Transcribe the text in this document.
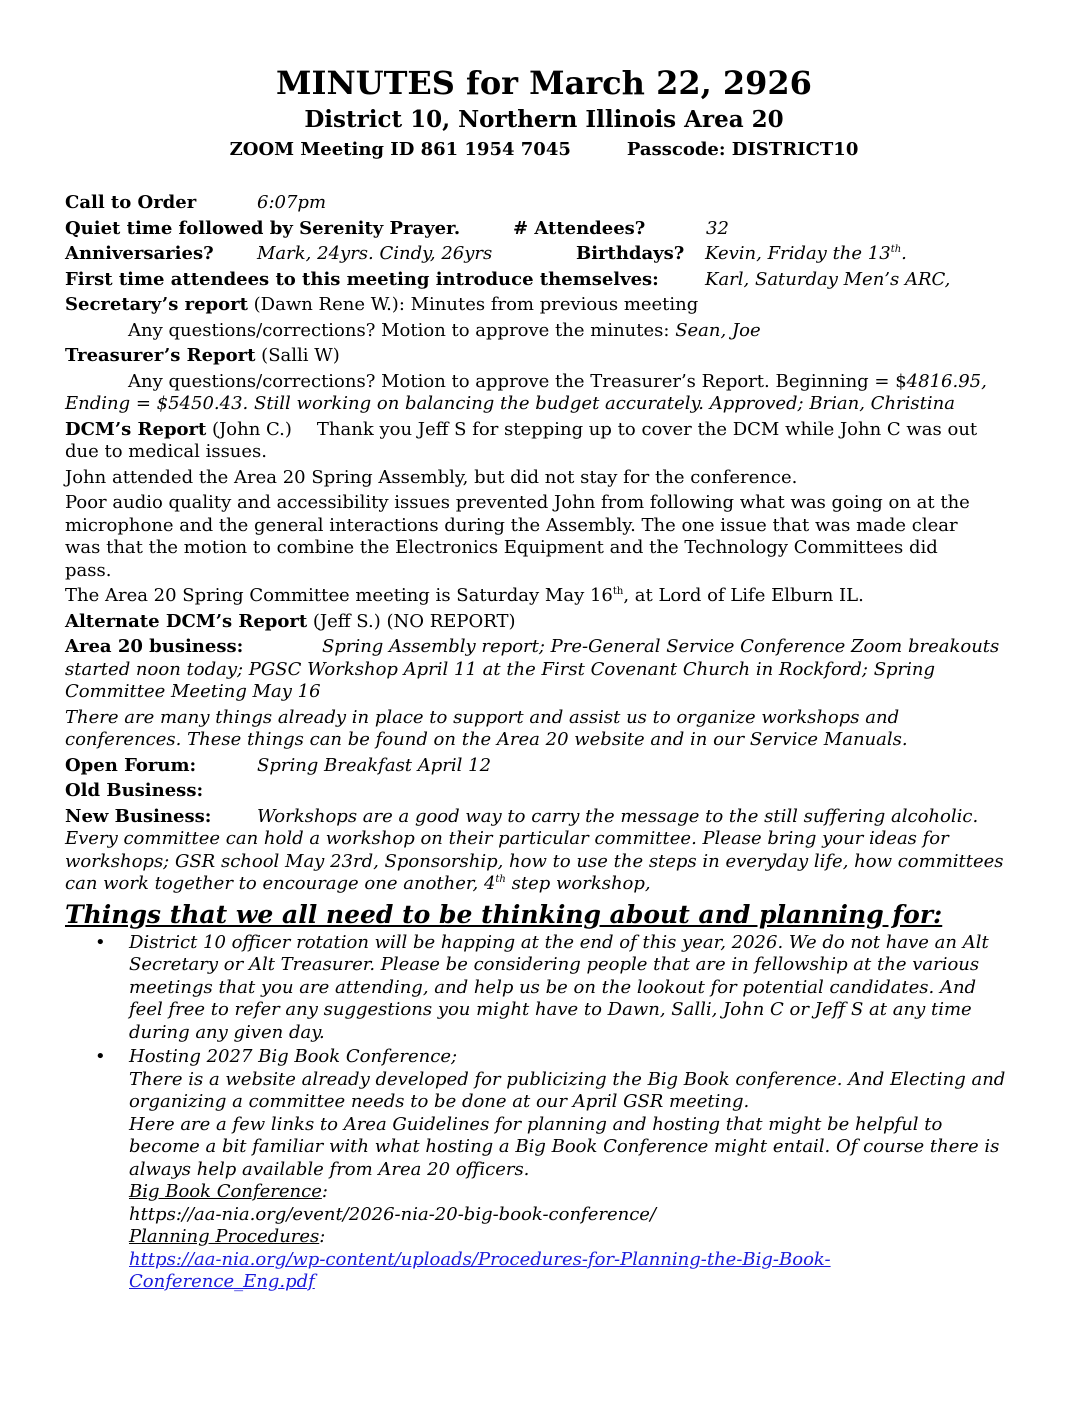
MINUTES for March 22, 2926
District 10, Northern Illinois Area 20
ZOOM Meeting ID 861 1954 7045	Passcode: DISTRICT10

Call to Order	6:07pm

Quiet time followed by Serenity Prayer.	# Attendees?	32

Anniversaries? Mark, 24yrs. Cindy, 26yrs	Birthdays? Kevin, Friday the 13th.

First time attendees to this meeting introduce themselves:	Karl, Saturday Men’s ARC,

Secretary’s report (Dawn Rene W.): Minutes from previous meeting

Any questions/corrections? Motion to approve the minutes: Sean, Joe

Treasurer’s Report (Salli W)

Any questions/corrections? Motion to approve the Treasurer’s Report. Beginning = $4816.95,

Ending = $5450.43. Still working on balancing the budget accurately. Approved; Brian, Christina

DCM’s Report (John C.) Thank you Jeff S for stepping up to cover the DCM while John C was out

due to medical issues.

John attended the Area 20 Spring Assembly, but did not stay for the conference.

Poor audio quality and accessibility issues prevented John from following what was going on at the

microphone and the general interactions during the Assembly. The one issue that was made clear

was that the motion to combine the Electronics Equipment and the Technology Committees did

pass.

The Area 20 Spring Committee meeting is Saturday May 16th, at Lord of Life Elburn IL.

Alternate DCM’s Report (Jeff S.) (NO REPORT)

Area 20 business:	Spring Assembly report; Pre-General Service Conference Zoom breakouts

started noon today; PGSC Workshop April 11 at the First Covenant Church in Rockford; Spring

Committee Meeting May 16

There are many things already in place to support and assist us to organize workshops and

conferences. These things can be found on the Area 20 website and in our Service Manuals.

Open Forum:	Spring Breakfast April 12

Old Business:

New Business:	Workshops are a good way to carry the message to the still suffering alcoholic.

Every committee can hold a workshop on their particular committee. Please bring your ideas for

workshops; GSR school May 23rd, Sponsorship, how to use the steps in everyday life, how committees

can work together to encourage one another, 4th step workshop,

Things that we all need to be thinking about and planning for:

• District 10 officer rotation will be happing at the end of this year, 2026. We do not have an Alt
Secretary or Alt Treasurer. Please be considering people that are in fellowship at the various
meetings that you are attending, and help us be on the lookout for potential candidates. And
feel free to refer any suggestions you might have to Dawn, Salli, John C or Jeff S at any time
during any given day.
• Hosting 2027 Big Book Conference;
There is a website already developed for publicizing the Big Book conference. And Electing and
organizing a committee needs to be done at our April GSR meeting.
Here are a few links to Area Guidelines for planning and hosting that might be helpful to
become a bit familiar with what hosting a Big Book Conference might entail. Of course there is
always help available from Area 20 officers.
Big Book Conference:
https://aa-nia.org/event/2026-nia-20-big-book-conference/
Planning Procedures:
https://aa-nia.org/wp-content/uploads/Procedures-for-Planning-the-Big-Book-
Conference_Eng.pdf
